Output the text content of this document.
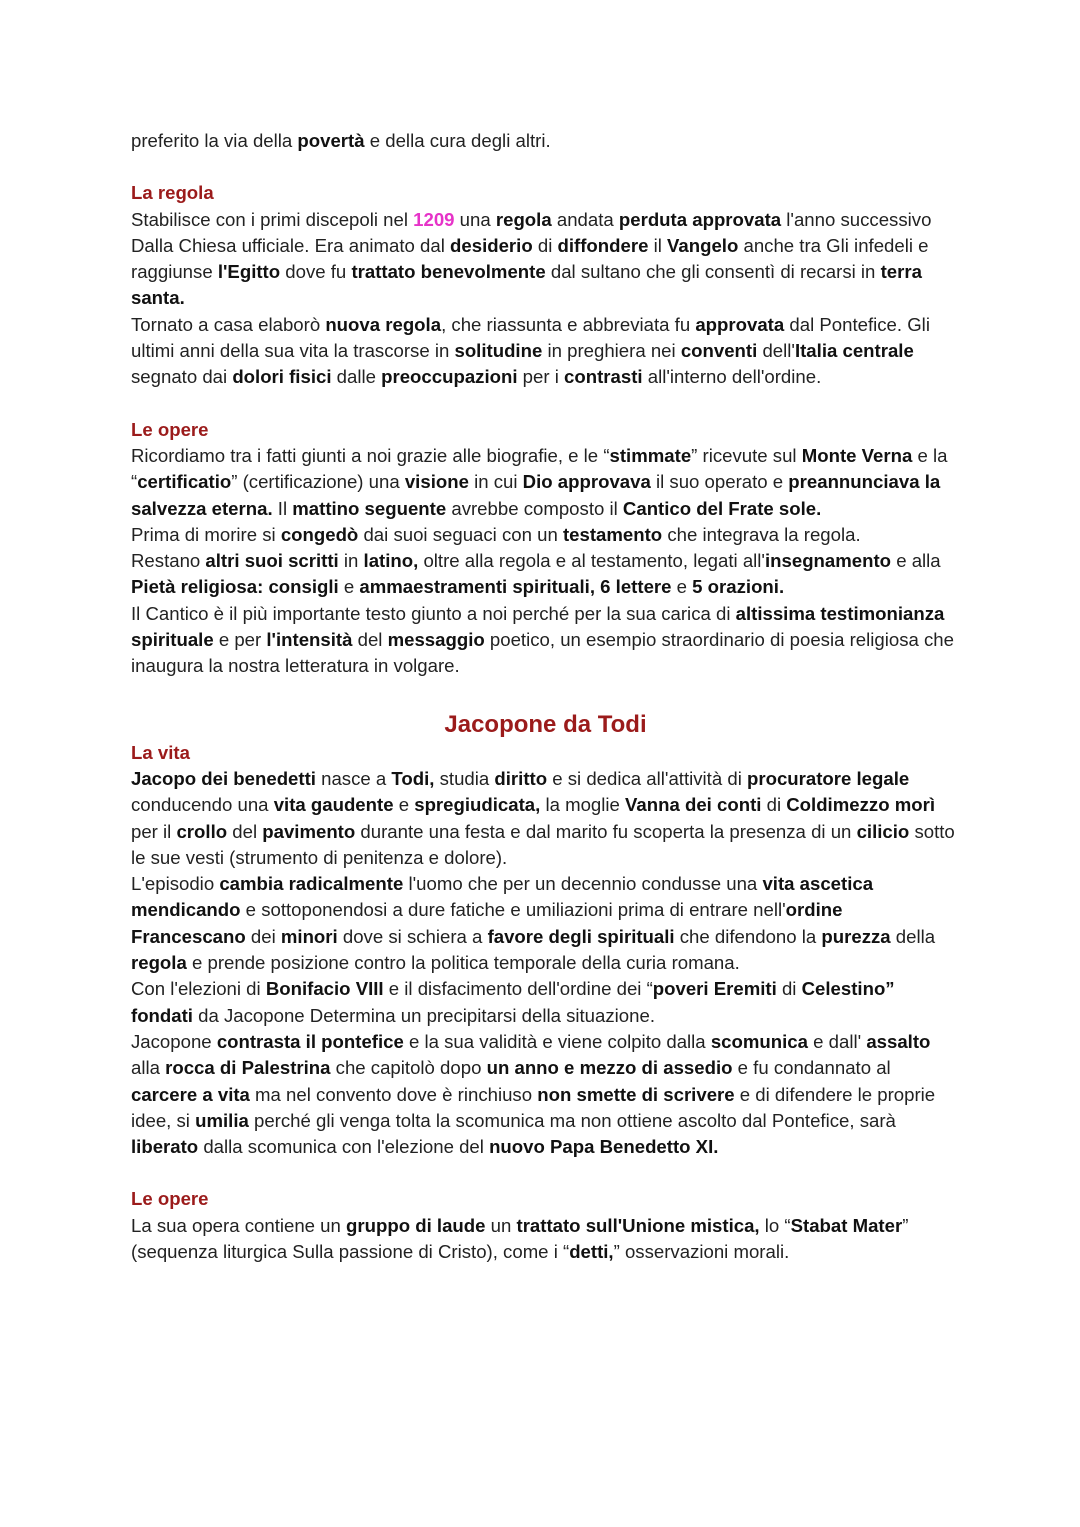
preferito la via della povertà e della cura degli altri.

La regola

Stabilisce con i primi discepoli nel 1209 una regola andata perduta approvata l'anno successivo Dalla Chiesa ufficiale. Era animato dal desiderio di diffondere il Vangelo anche tra Gli infedeli e raggiunse l'Egitto dove fu trattato benevolmente dal sultano che gli consentì di recarsi in terra santa.

Tornato a casa elaborò nuova regola, che riassunta e abbreviata fu approvata dal Pontefice. Gli ultimi anni della sua vita la trascorse in solitudine in preghiera nei conventi dell'Italia centrale segnato dai dolori fisici dalle preoccupazioni per i contrasti all'interno dell'ordine.

Le opere

Ricordiamo tra i fatti giunti a noi grazie alle biografie, e le “stimmate” ricevute sul Monte Verna e la “certificatio” (certificazione) una visione in cui Dio approvava il suo operato e preannunciava la salvezza eterna. Il mattino seguente avrebbe composto il Cantico del Frate sole.

Prima di morire si congedò dai suoi seguaci con un testamento che integrava la regola.

Restano altri suoi scritti in latino, oltre alla regola e al testamento, legati all'insegnamento e alla Pietà religiosa: consigli e ammaestramenti spirituali, 6 lettere e 5 orazioni.

Il Cantico è il più importante testo giunto a noi perché per la sua carica di altissima testimonianza spirituale e per l'intensità del messaggio poetico, un esempio straordinario di poesia religiosa che inaugura la nostra letteratura in volgare.

Jacopone da Todi
La vita

Jacopo dei benedetti nasce a Todi, studia diritto e si dedica all'attività di procuratore legale conducendo una vita gaudente e spregiudicata, la moglie Vanna dei conti di Coldimezzo morì per il crollo del pavimento durante una festa e dal marito fu scoperta la presenza di un cilicio sotto le sue vesti (strumento di penitenza e dolore).

L'episodio cambia radicalmente l'uomo che per un decennio condusse una vita ascetica mendicando e sottoponendosi a dure fatiche e umiliazioni prima di entrare nell'ordine Francescano dei minori dove si schiera a favore degli spirituali che difendono la purezza della regola e prende posizione contro la politica temporale della curia romana.

Con l'elezioni di Bonifacio VIII e il disfacimento dell'ordine dei “poveri Eremiti di Celestino” fondati da Jacopone Determina un precipitarsi della situazione.

Jacopone contrasta il pontefice e la sua validità e viene colpito dalla scomunica e dall' assalto alla rocca di Palestrina che capitolò dopo un anno e mezzo di assedio e fu condannato al carcere a vita ma nel convento dove è rinchiuso non smette di scrivere e di difendere le proprie idee, si umilia perché gli venga tolta la scomunica ma non ottiene ascolto dal Pontefice, sarà liberato dalla scomunica con l'elezione del nuovo Papa Benedetto XI.

Le opere

La sua opera contiene un gruppo di laude un trattato sull'Unione mistica, lo “Stabat Mater” (sequenza liturgica Sulla passione di Cristo), come i “detti,” osservazioni morali.
